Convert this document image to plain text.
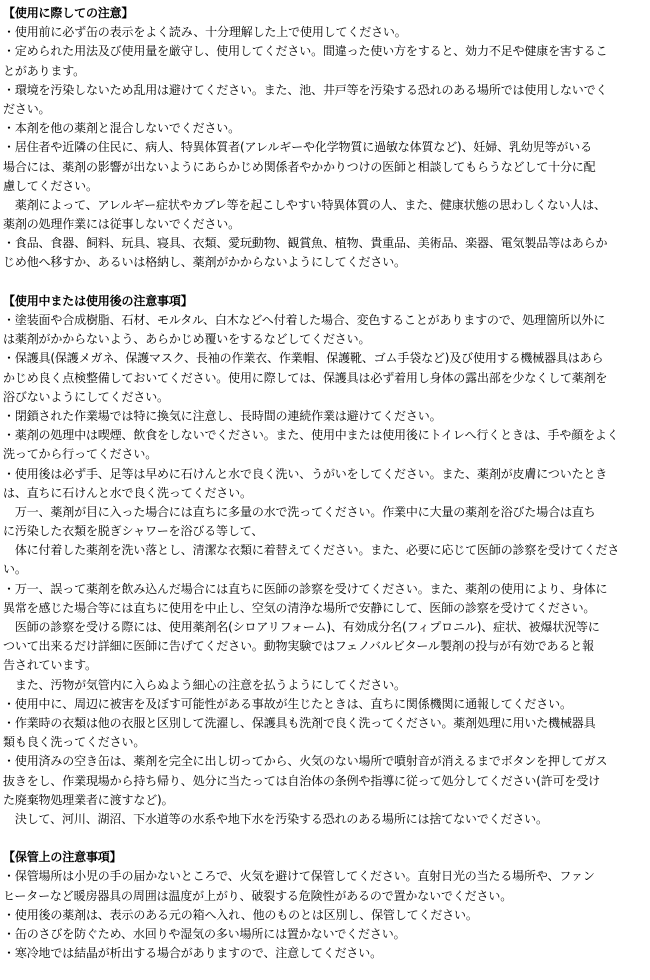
【使用に際しての注意】
・使用前に必ず缶の表示をよく読み、十分理解した上で使用してください。
・定められた用法及び使用量を厳守し、使用してください。間違った使い方をすると、効力不足や健康を害するこ
とがあります。
・環境を汚染しないため乱用は避けてください。また、池、井戸等を汚染する恐れのある場所では使用しないでく
ださい。
・本剤を他の薬剤と混合しないでください。
・居住者や近隣の住民に、病人、特異体質者(アレルギーや化学物質に過敏な体質など)、妊婦、乳幼児等がいる
場合には、薬剤の影響が出ないようにあらかじめ関係者やかかりつけの医師と相談してもらうなどして十分に配
慮してください。
　薬剤によって、アレルギー症状やカブレ等を起こしやすい特異体質の人、また、健康状態の思わしくない人は、
薬剤の処理作業には従事しないでください。
・食品、食器、飼料、玩具、寝具、衣類、愛玩動物、観賞魚、植物、貴重品、美術品、楽器、電気製品等はあらか
じめ他へ移すか、あるいは格納し、薬剤がかからないようにしてください。
【使用中または使用後の注意事項】
・塗装面や合成樹脂、石材、モルタル、白木などへ付着した場合、変色することがありますので、処理箇所以外に
は薬剤がかからないよう、あらかじめ覆いをするなどしてください。
・保護具(保護メガネ、保護マスク、長袖の作業衣、作業帽、保護靴、ゴム手袋など)及び使用する機械器具はあら
かじめ良く点検整備しておいてください。使用に際しては、保護具は必ず着用し身体の露出部を少なくして薬剤を
浴びないようにしてください。
・閉鎖された作業場では特に換気に注意し、長時間の連続作業は避けてください。
・薬剤の処理中は喫煙、飲食をしないでください。また、使用中または使用後にトイレへ行くときは、手や顔をよく
洗ってから行ってください。
・使用後は必ず手、足等は早めに石けんと水で良く洗い、うがいをしてください。また、薬剤が皮膚についたとき
は、直ちに石けんと水で良く洗ってください。
　万一、薬剤が目に入った場合には直ちに多量の水で洗ってください。作業中に大量の薬剤を浴びた場合は直ち
に汚染した衣類を脱ぎシャワーを浴びる等して、
　体に付着した薬剤を洗い落とし、清潔な衣類に着替えてください。また、必要に応じて医師の診察を受けてくださ
い。
・万一、誤って薬剤を飲み込んだ場合には直ちに医師の診察を受けてください。また、薬剤の使用により、身体に
異常を感じた場合等には直ちに使用を中止し、空気の清浄な場所で安静にして、医師の診察を受けてください。
　医師の診察を受ける際には、使用薬剤名(シロアリフォーム)、有効成分名(フィプロニル)、症状、被爆状況等に
ついて出来るだけ詳細に医師に告げてください。動物実験ではフェノバルビタール製剤の投与が有効であると報
告されています。
　また、汚物が気管内に入らぬよう細心の注意を払うようにしてください。
・使用中に、周辺に被害を及ぼす可能性がある事故が生じたときは、直ちに関係機関に通報してください。
・作業時の衣類は他の衣服と区別して洗濯し、保護具も洗剤で良く洗ってください。薬剤処理に用いた機械器具
類も良く洗ってください。
・使用済みの空き缶は、薬剤を完全に出し切ってから、火気のない場所で噴射音が消えるまでボタンを押してガス
抜きをし、作業現場から持ち帰り、処分に当たっては自治体の条例や指導に従って処分してください(許可を受け
た廃棄物処理業者に渡すなど)。
　決して、河川、湖沼、下水道等の水系や地下水を汚染する恐れのある場所には捨てないでください。
【保管上の注意事項】
・保管場所は小児の手の届かないところで、火気を避けて保管してください。直射日光の当たる場所や、ファン
ヒーターなど暖房器具の周囲は温度が上がり、破裂する危険性があるので置かないでください。
・使用後の薬剤は、表示のある元の箱へ入れ、他のものとは区別し、保管してください。
・缶のさびを防ぐため、水回りや湿気の多い場所には置かないでください。
・寒冷地では結晶が析出する場合がありますので、注意してください。
